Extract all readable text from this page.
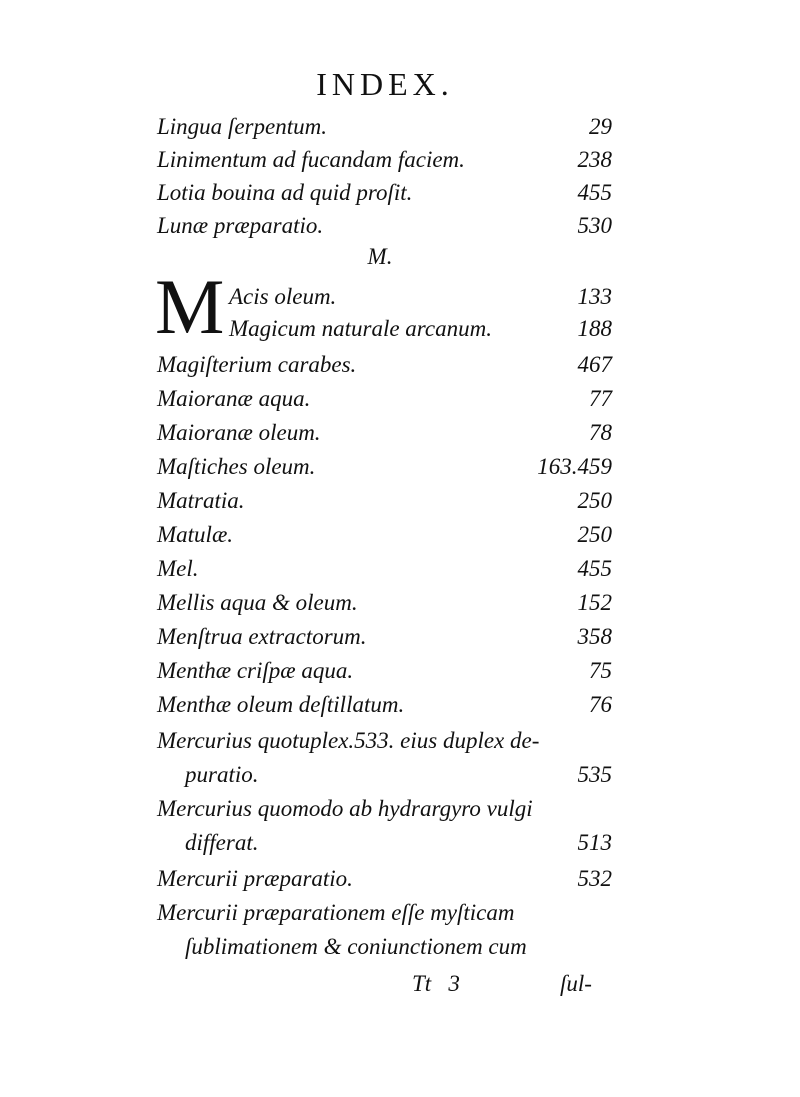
INDEX.
Lingua ſerpentum.	29
Linimentum ad fucandam faciem.	238
Lotia bouina ad quid proſit.	455
Lunæ præparatio.	530
M.
M Acis oleum.	133
Magicum naturale arcanum.	188
Magiſterium carabes.	467
Maioranæ aqua.	77
Maioranæ oleum.	78
Maſtiches oleum.	163.459
Matratia.	250
Matulæ.	250
Mel.	455
Mellis aqua & oleum.	152
Menſtrua extractorum.	358
Menthæ criſpæ aqua.	75
Menthæ oleum deſtillatum.	76
Mercurius quotuplex.533. eius duplex de-
puratio.	535
Mercurius quomodo ab hydrargyro vulgi
differat.	513
Mercurii præparatio.	532
Mercurii præparationem eſſe myſticam
ſublimationem & coniunctionem cum
Tt   3	ſul-
